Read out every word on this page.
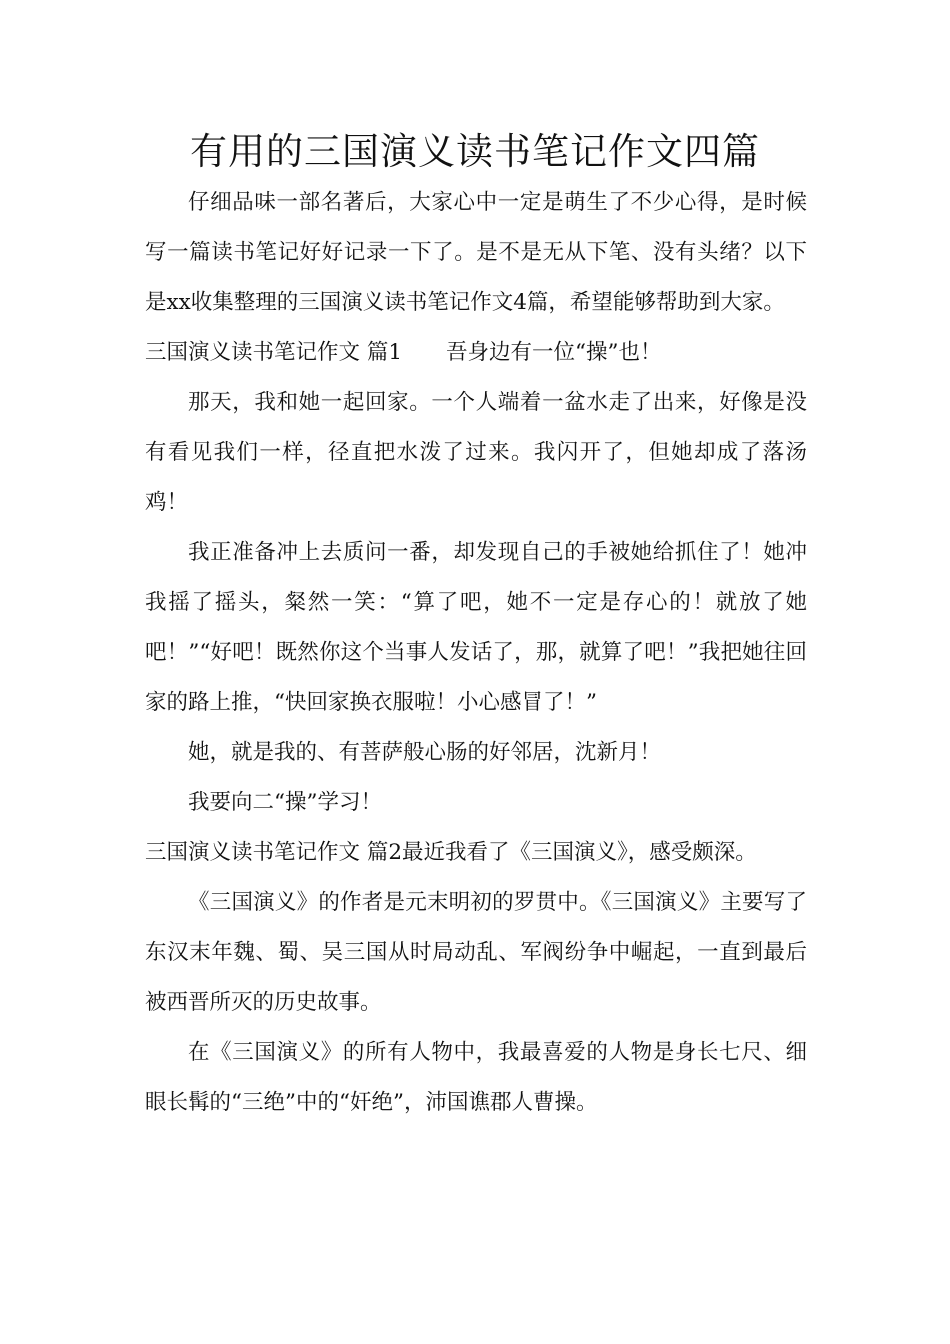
有用的三国演义读书笔记作文四篇

仔细品味一部名著后，大家心中一定是萌生了不少心得，是时候写一篇读书笔记好好记录一下了。是不是无从下笔、没有头绪？以下是xx收集整理的三国演义读书笔记作文4篇，希望能够帮助到大家。

三国演义读书笔记作文 篇1 吾身边有一位“操”也！

那天，我和她一起回家。一个人端着一盆水走了出来，好像是没有看见我们一样，径直把水泼了过来。我闪开了，但她却成了落汤鸡！

我正准备冲上去质问一番，却发现自己的手被她给抓住了！她冲我摇了摇头，粲然一笑：“算了吧，她不一定是存心的！就放了她吧！”“好吧！既然你这个当事人发话了，那，就算了吧！”我把她往回家的路上推，“快回家换衣服啦！小心感冒了！”

她，就是我的、有菩萨般心肠的好邻居，沈新月！

我要向二“操”学习！

三国演义读书笔记作文 篇2最近我看了《三国演义》，感受颇深。

《三国演义》的作者是元末明初的罗贯中。《三国演义》主要写了东汉末年魏、蜀、吴三国从时局动乱、军阀纷争中崛起，一直到最后被西晋所灭的历史故事。

在《三国演义》的所有人物中，我最喜爱的人物是身长七尺、细眼长髯的“三绝”中的“奸绝”，沛国谯郡人曹操。
